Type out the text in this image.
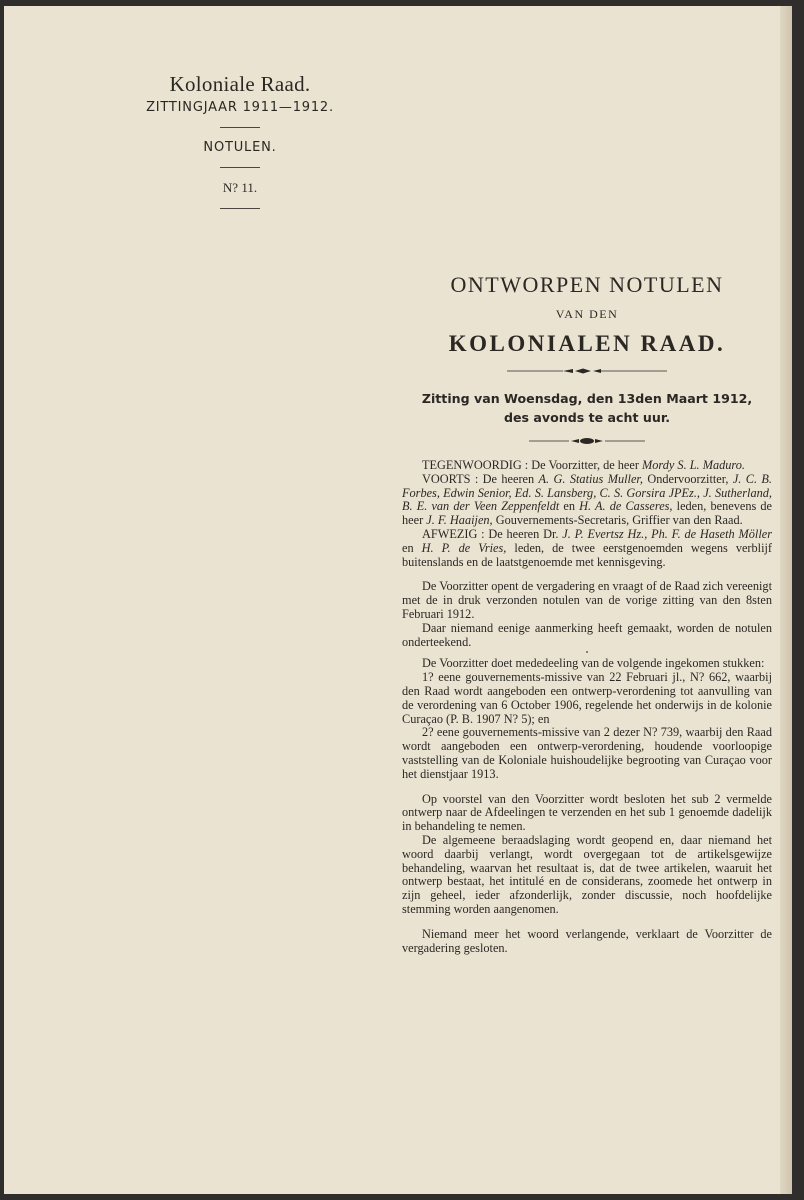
Koloniale Raad.
ZITTINGJAAR 1911—1912.
NOTULEN.
N? 11.
ONTWORPEN NOTULEN
VAN DEN
KOLONIALEN RAAD.
Zitting van Woensdag, den 13den Maart 1912,
des avonds te acht uur.

TEGENWOORDIG : De Voorzitter, de heer Mordy S. L. Maduro.

VOORTS : De heeren A. G. Statius Muller, Ondervoorzitter, J. C. B. Forbes, Edwin Senior, Ed. S. Lansberg, C. S. Gorsira JPEz., J. Sutherland, B. E. van der Veen Zeppenfeldt en H. A. de Casseres, leden, benevens de heer J. F. Haaijen, Gouvernements-Secretaris, Griffier van den Raad.

AFWEZIG : De heeren Dr. J. P. Evertsz Hz., Ph. F. de Haseth Möller en H. P. de Vries, leden, de twee eerstgenoemden wegens verblijf buitenslands en de laatstgenoemde met kennisgeving.

De Voorzitter opent de vergadering en vraagt of de Raad zich vereenigt met de in druk verzonden notulen van de vorige zitting van den 8sten Februari 1912.

Daar niemand eenige aanmerking heeft gemaakt, worden de notulen onderteekend.

•

De Voorzitter doet mededeeling van de volgende ingekomen stukken:

1? eene gouvernements-missive van 22 Februari jl., N? 662, waarbij den Raad wordt aangeboden een ontwerp-verordening tot aanvulling van de verordening van 6 October 1906, regelende het onderwijs in de kolonie Curaçao (P. B. 1907 N? 5); en

2? eene gouvernements-missive van 2 dezer N? 739, waarbij den Raad wordt aangeboden een ontwerp-verordening, houdende voorloopige vaststelling van de Koloniale huishoudelijke begrooting van Curaçao voor het dienstjaar 1913.

Op voorstel van den Voorzitter wordt besloten het sub 2 vermelde ontwerp naar de Afdeelingen te verzenden en het sub 1 genoemde dadelijk in behandeling te nemen.

De algemeene beraadslaging wordt geopend en, daar niemand het woord daarbij verlangt, wordt overgegaan tot de artikelsgewijze behandeling, waarvan het resultaat is, dat de twee artikelen, waaruit het ontwerp bestaat, het intitulé en de considerans, zoomede het ontwerp in zijn geheel, ieder afzonderlijk, zonder discussie, noch hoofdelijke stemming worden aangenomen.

Niemand meer het woord verlangende, verklaart de Voorzitter de vergadering gesloten.
